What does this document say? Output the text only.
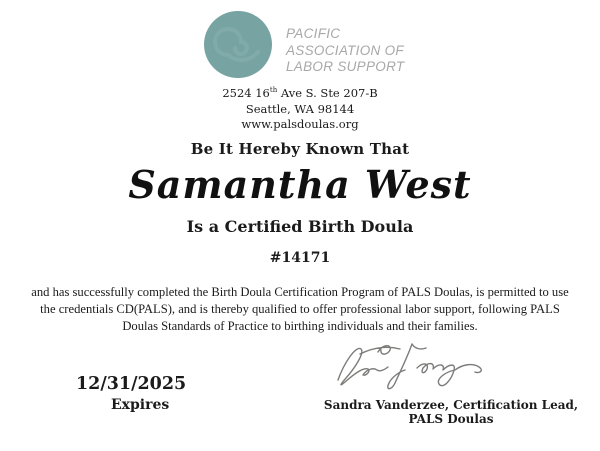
PACIFIC
ASSOCIATION OF
LABOR SUPPORT
2524 16th Ave S. Ste 207-B
Seattle, WA 98144
www.palsdoulas.org
Be It Hereby Known That
Samantha West
Is a Certified Birth Doula
#14171
and has successfully completed the Birth Doula Certification Program of PALS Doulas, is permitted to use the credentials CD(PALS), and is thereby qualified to offer professional labor support, following PALS Doulas Standards of Practice to birthing individuals and their families.
12/31/2025
Expires	Sandra Vanderzee, Certification Lead, PALS Doulas
